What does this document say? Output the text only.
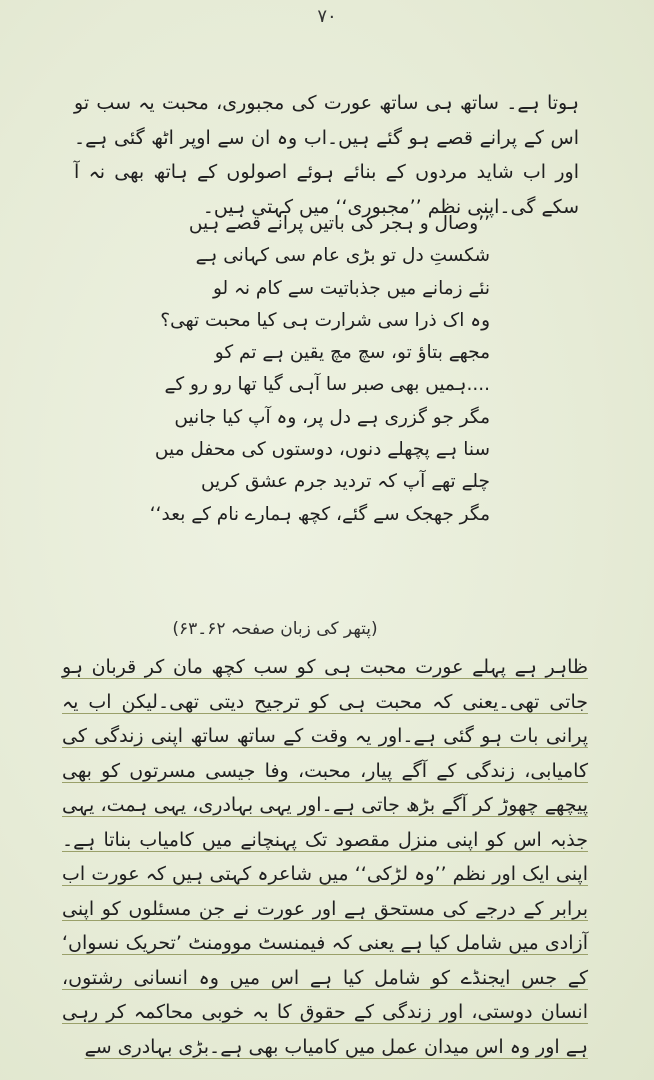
۷۰

ہوتا ہے۔ ساتھ ہی ساتھ عورت کی مجبوری، محبت یہ سب تو اس کے پرانے قصے ہو گئے ہیں۔اب وہ ان سے اوپر اٹھ گئی ہے۔اور اب شاید مردوں کے بنائے ہوئے اصولوں کے ہاتھ بھی نہ آ سکے گی۔اپنی نظم ’’مجبوری‘‘ میں کہتی ہیں۔

’’وصال و ہجر کی باتیں پرانے قصے ہیں
شکستِ دل تو بڑی عام سی کہانی ہے
نئے زمانے میں جذباتیت سے کام نہ لو
وہ اک ذرا سی شرارت ہی کیا محبت تھی؟
مجھے بتاؤ تو، سچ مچ یقین ہے تم کو
....ہمیں بھی صبر سا آہی گیا تھا رو رو کے
مگر جو گزری ہے دل پر، وہ آپ کیا جانیں
سنا ہے پچھلے دنوں، دوستوں کی محفل میں
چلے تھے آپ کہ تردید جرم عشق کریں
مگر جھجک سے گئے، کچھ ہمارے نام کے بعد‘‘
(پتھر کی زبان صفحہ ۶۲۔۶۳)

ظاہر ہے پہلے عورت محبت ہی کو سب کچھ مان کر قربان ہو جاتی تھی۔یعنی کہ محبت ہی کو ترجیح دیتی تھی۔لیکن اب یہ پرانی بات ہو گئی ہے۔اور یہ وقت کے ساتھ ساتھ اپنی زندگی کی کامیابی، زندگی کے آگے پیار، محبت، وفا جیسی مسرتوں کو بھی پیچھے چھوڑ کر آگے بڑھ جاتی ہے۔اور یہی بہادری، یہی ہمت، یہی جذبہ اس کو اپنی منزل مقصود تک پہنچانے میں کامیاب بناتا ہے۔اپنی ایک اور نظم ’’وہ لڑکی‘‘ میں شاعرہ کہتی ہیں کہ عورت اب برابر کے درجے کی مستحق ہے اور عورت نے جن مسئلوں کو اپنی آزادی میں شامل کیا ہے یعنی کہ فیمنسٹ موومنٹ ’تحریک نسواں‘ کے جس ایجنڈے کو شامل کیا ہے اس میں وہ انسانی رشتوں، انسان دوستی، اور زندگی کے حقوق کا بہ خوبی محاکمہ کر رہی ہے اور وہ اس میدان عمل میں کامیاب بھی ہے۔بڑی بہادری سے
